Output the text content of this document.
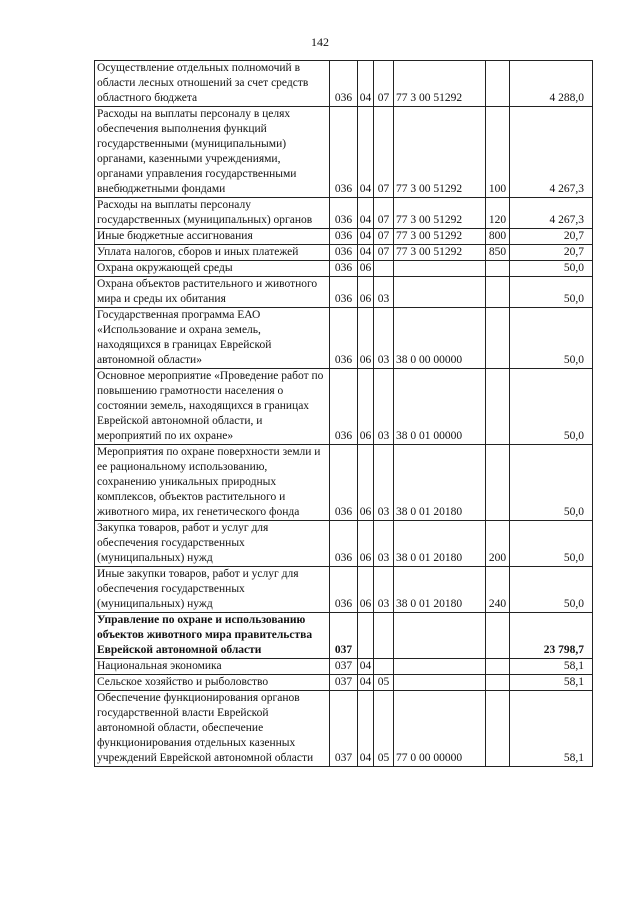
142
Осуществление отдельных полномочий в области лесных отношений за счет средств областного бюджета	036	04	07	77 3 00 51292		4 288,0
Расходы на выплаты персоналу в целях обеспечения выполнения функций государственными (муниципальными) органами, казенными учреждениями, органами управления государственными внебюджетными фондами	036	04	07	77 3 00 51292	100	4 267,3
Расходы на выплаты персоналу государственных (муниципальных) органов	036	04	07	77 3 00 51292	120	4 267,3
Иные бюджетные ассигнования	036	04	07	77 3 00 51292	800	20,7
Уплата налогов, сборов и иных платежей	036	04	07	77 3 00 51292	850	20,7
Охрана окружающей среды	036	06				50,0
Охрана объектов растительного и животного мира и среды их обитания	036	06	03			50,0
Государственная программа ЕАО «Использование и охрана земель, находящихся в границах Еврейской автономной области»	036	06	03	38 0 00 00000		50,0
Основное мероприятие «Проведение работ по повышению грамотности населения о состоянии земель, находящихся в границах Еврейской автономной области, и мероприятий по их охране»	036	06	03	38 0 01 00000		50,0
Мероприятия по охране поверхности земли и ее рациональному использованию, сохранению уникальных природных комплексов, объектов растительного и животного мира, их генетического фонда	036	06	03	38 0 01 20180		50,0
Закупка товаров, работ и услуг для обеспечения государственных (муниципальных) нужд	036	06	03	38 0 01 20180	200	50,0
Иные закупки товаров, работ и услуг для обеспечения государственных (муниципальных) нужд	036	06	03	38 0 01 20180	240	50,0
Управление по охране и использованию объектов животного мира правительства Еврейской автономной области	037					23 798,7
Национальная экономика	037	04				58,1
Сельское хозяйство и рыболовство	037	04	05			58,1
Обеспечение функционирования органов государственной власти Еврейской автономной области, обеспечение функционирования отдельных казенных учреждений Еврейской автономной области	037	04	05	77 0 00 00000		58,1
